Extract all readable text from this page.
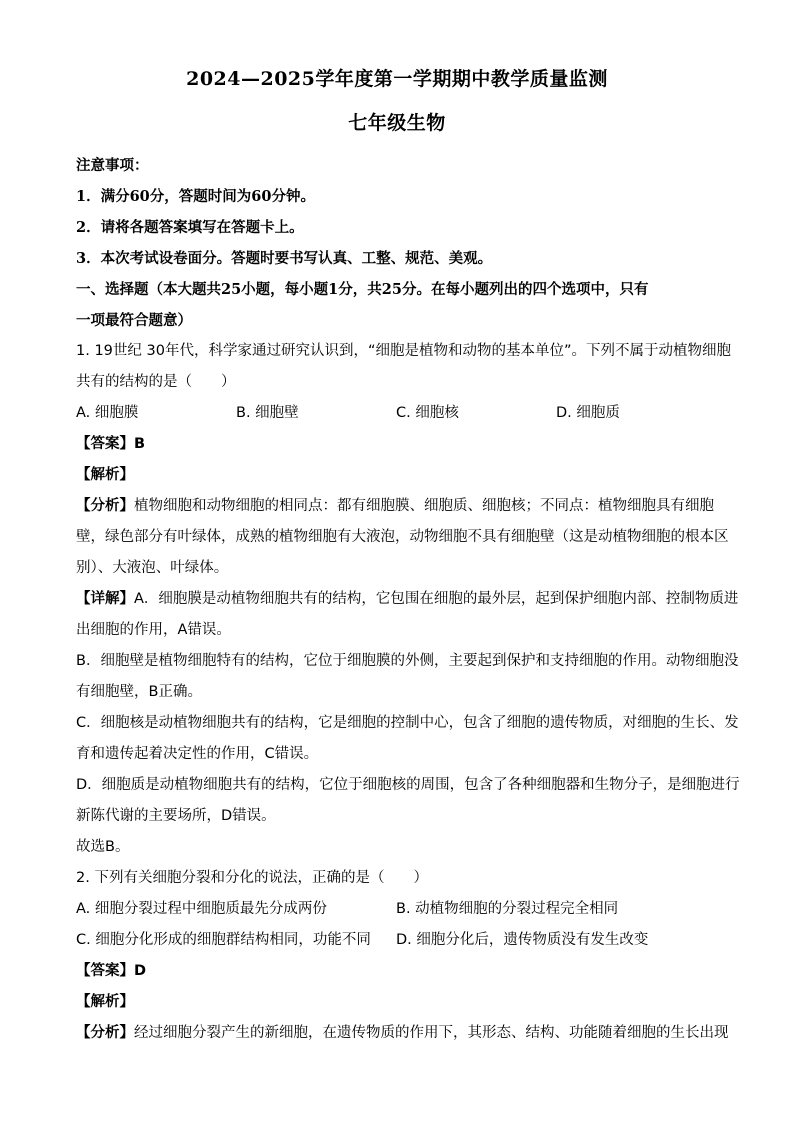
2024—2025学年度第一学期期中教学质量监测
七年级生物

注意事项：

1．满分60分，答题时间为60分钟。

2．请将各题答案填写在答题卡上。

3．本次考试设卷面分。答题时要书写认真、工整、规范、美观。

一、选择题（本大题共25小题，每小题1分，共25分。在每小题列出的四个选项中，只有

一项最符合题意）

1. 19世纪 30年代，科学家通过研究认识到，“细胞是植物和动物的基本单位”。下列不属于动植物细胞

共有的结构的是（　　）

A. 细胞膜	B. 细胞壁	C. 细胞核	D. 细胞质

【答案】B

【解析】

【分析】植物细胞和动物细胞的相同点：都有细胞膜、细胞质、细胞核；不同点：植物细胞具有细胞

壁，绿色部分有叶绿体，成熟的植物细胞有大液泡，动物细胞不具有细胞壁（这是动植物细胞的根本区

别）、大液泡、叶绿体。

【详解】A．细胞膜是动植物细胞共有的结构，它包围在细胞的最外层，起到保护细胞内部、控制物质进

出细胞的作用，A错误。

B．细胞壁是植物细胞特有的结构，它位于细胞膜的外侧，主要起到保护和支持细胞的作用。动物细胞没

有细胞壁，B正确。

C．细胞核是动植物细胞共有的结构，它是细胞的控制中心，包含了细胞的遗传物质，对细胞的生长、发

育和遗传起着决定性的作用，C错误。

D．细胞质是动植物细胞共有的结构，它位于细胞核的周围，包含了各种细胞器和生物分子，是细胞进行

新陈代谢的主要场所，D错误。

故选B。

2. 下列有关细胞分裂和分化的说法，正确的是（　　）

A. 细胞分裂过程中细胞质最先分成两份	B. 动植物细胞的分裂过程完全相同
C. 细胞分化形成的细胞群结构相同，功能不同	D. 细胞分化后，遗传物质没有发生改变

【答案】D

【解析】

【分析】经过细胞分裂产生的新细胞，在遗传物质的作用下，其形态、结构、功能随着细胞的生长出现
